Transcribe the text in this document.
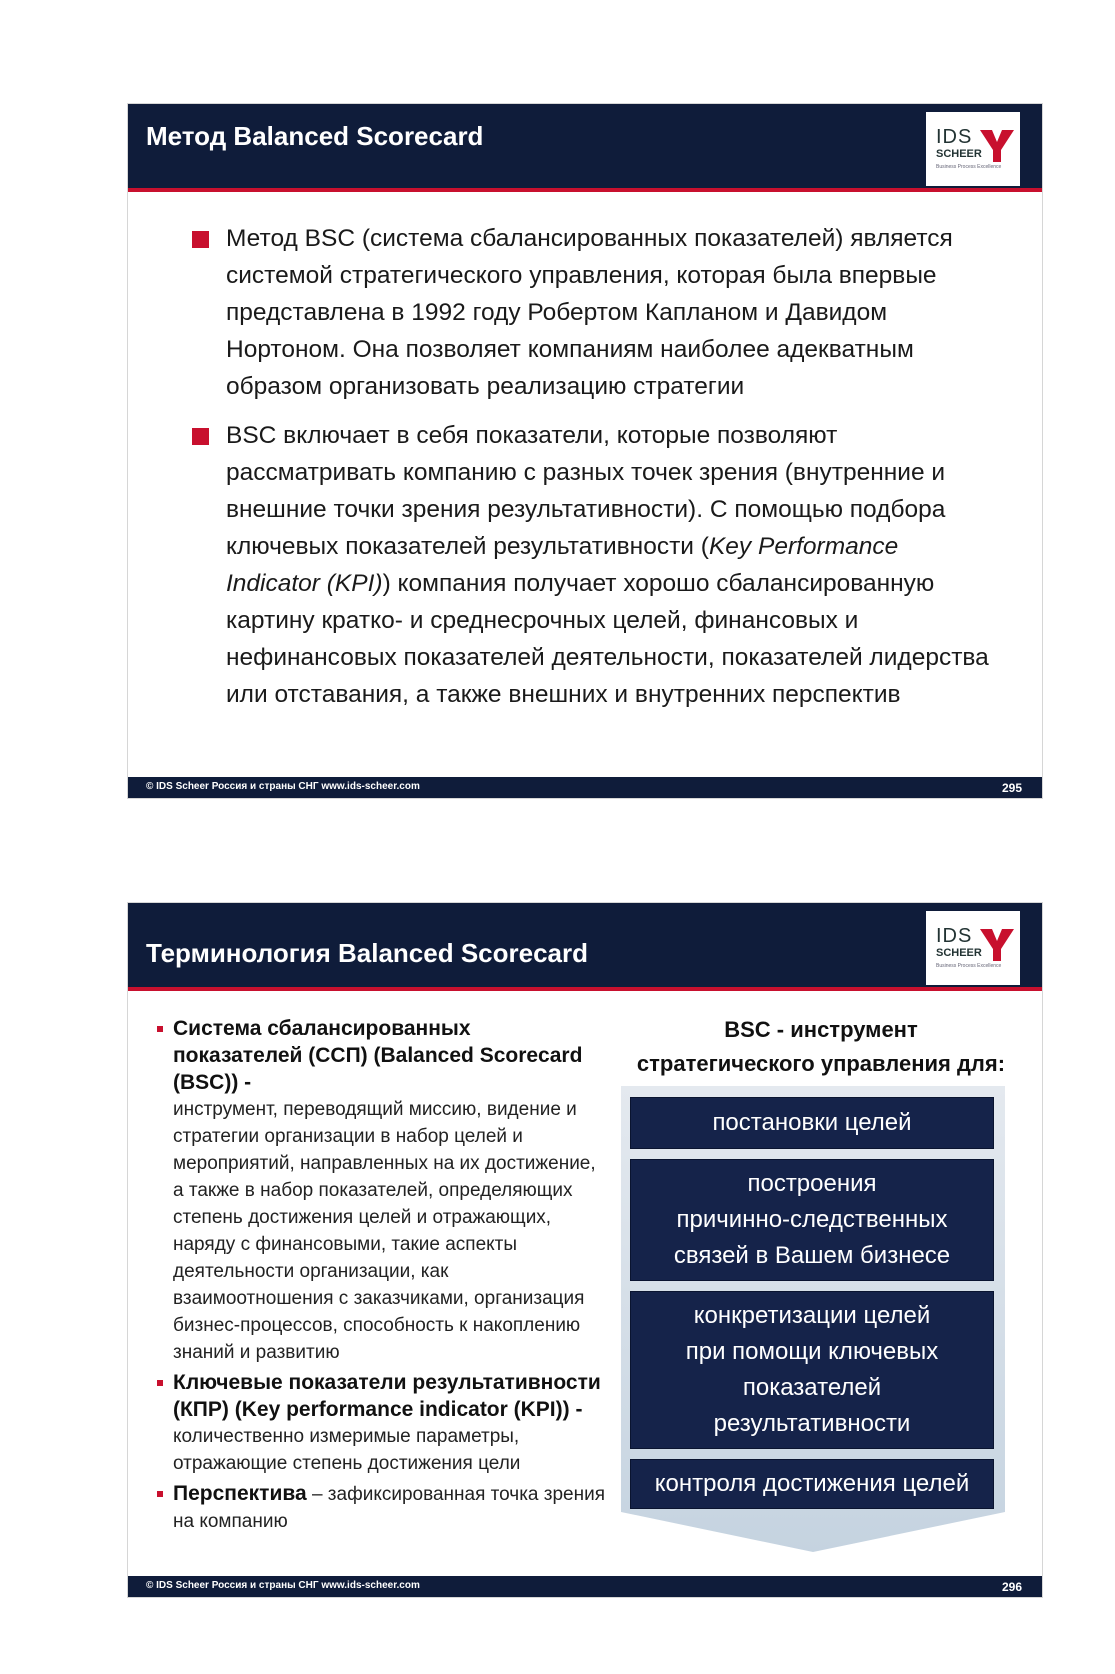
Метод Balanced Scorecard	IDS
SCHEER
Business Process Excellence
Метод BSC (система сбалансированных показателей) является системой стратегического управления, которая была впервые представлена в 1992 году Робертом Капланом и Давидом Нортоном. Она позволяет компаниям наиболее адекватным образом организовать реализацию стратегии
BSC включает в себя показатели, которые позволяют рассматривать компанию с разных точек зрения (внутренние и внешние точки зрения результативности). С помощью подбора ключевых показателей результативности (Key Performance Indicator (KPI)) компания получает хорошо сбалансированную картину кратко- и среднесрочных целей, финансовых и нефинансовых показателей деятельности, показателей лидерства или отставания, а также внешних и внутренних перспектив
© IDS Scheer Россия и страны СНГ www.ids-scheer.com	295
Терминология Balanced Scorecard
IDS
SCHEER
Business Process Excellence
Система сбалансированных показателей (ССП) (Balanced Scorecard (BSC)) -
инструмент, переводящий миссию, видение и стратегии организации в набор целей и мероприятий, направленных на их достижение, а также в набор показателей, определяющих степень достижения целей и отражающих, наряду с финансовыми, такие аспекты деятельности организации, как взаимоотношения с заказчиками, организация бизнес-процессов, способность к накоплению знаний и развитию
Ключевые показатели результативности (КПР) (Key performance indicator (KPI)) -
количественно измеримые параметры, отражающие степень достижения цели
Перспектива – зафиксированная точка зрения на компанию
BSC - инструмент
стратегического управления для:
постановки целей
построения
причинно-следственных
связей в Вашем бизнесе
конкретизации целей
при помощи ключевых
показателей
результативности
контроля достижения целей
© IDS Scheer Россия и страны СНГ www.ids-scheer.com	296
